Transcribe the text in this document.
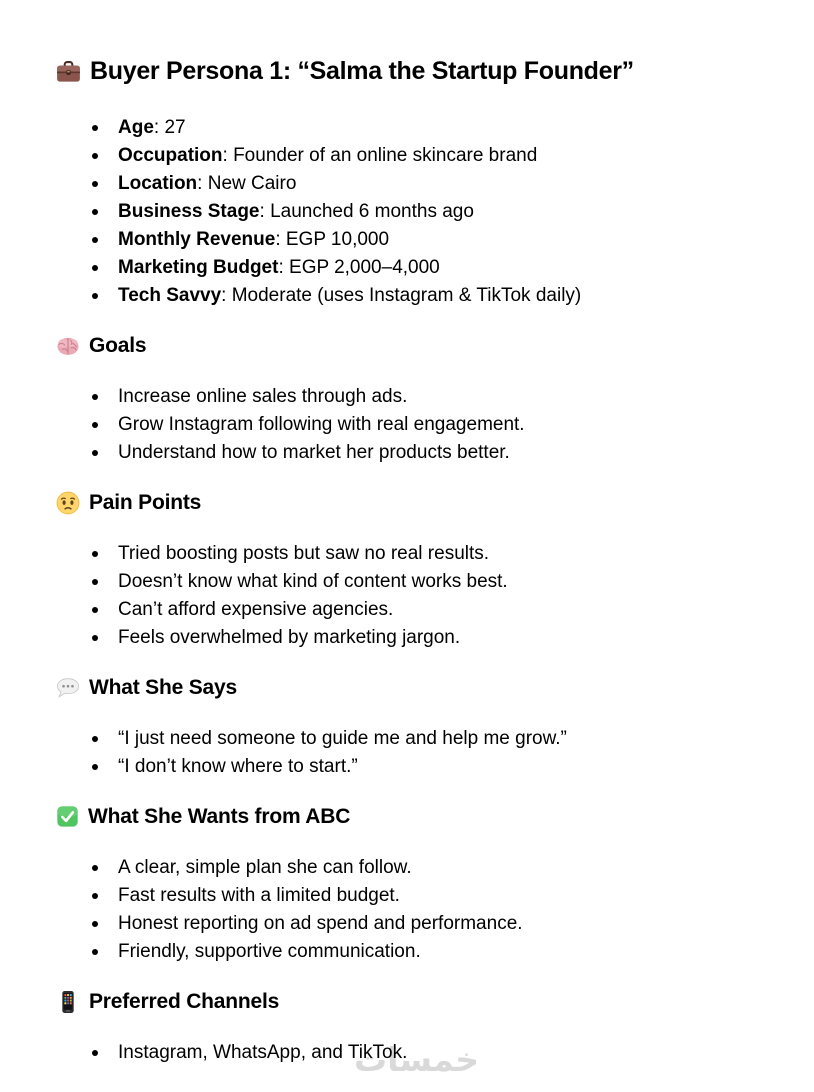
خمسات
Buyer Persona 1: “Salma the Startup Founder”
Age: 27
Occupation: Founder of an online skincare brand
Location: New Cairo
Business Stage: Launched 6 months ago
Monthly Revenue: EGP 10,000
Marketing Budget: EGP 2,000–4,000
Tech Savvy: Moderate (uses Instagram & TikTok daily)
Goals
Increase online sales through ads.
Grow Instagram following with real engagement.
Understand how to market her products better.
Pain Points
Tried boosting posts but saw no real results.
Doesn’t know what kind of content works best.
Can’t afford expensive agencies.
Feels overwhelmed by marketing jargon.
What She Says
“I just need someone to guide me and help me grow.”
“I don’t know where to start.”
What She Wants from ABC
A clear, simple plan she can follow.
Fast results with a limited budget.
Honest reporting on ad spend and performance.
Friendly, supportive communication.
Preferred Channels
Instagram, WhatsApp, and TikTok.
